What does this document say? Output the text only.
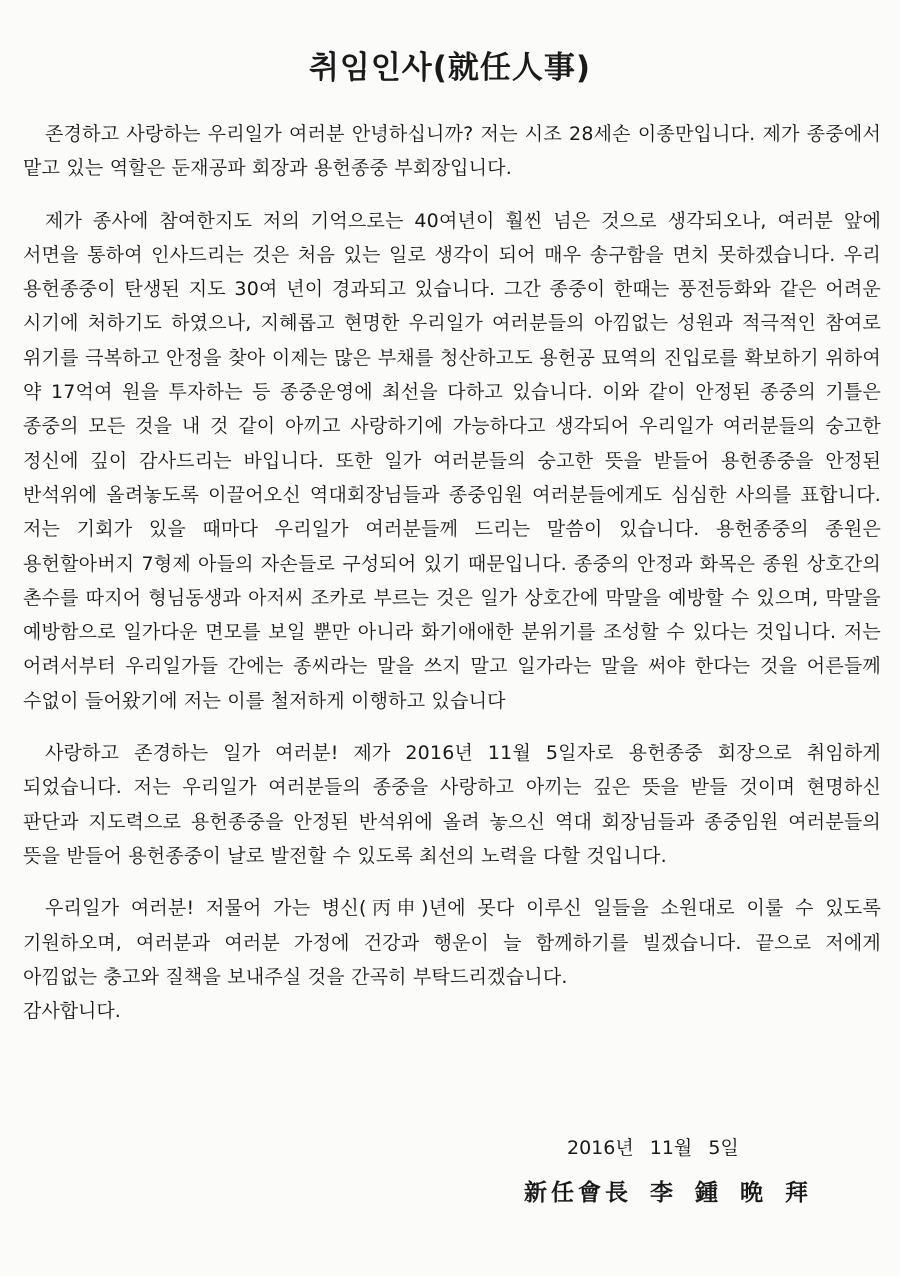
취임인사(就任人事)

존경하고 사랑하는 우리일가 여러분 안녕하십니까? 저는 시조 28세손 이종만입니다. 제가 종중에서 맡고 있는 역할은 둔재공파 회장과 용헌종중 부회장입니다.

제가 종사에 참여한지도 저의 기억으로는 40여년이 훨씬 넘은 것으로 생각되오나, 여러분 앞에 서면을 통하여 인사드리는 것은 처음 있는 일로 생각이 되어 매우 송구함을 면치 못하겠습니다. 우리 용헌종중이 탄생된 지도 30여 년이 경과되고 있습니다. 그간 종중이 한때는 풍전등화와 같은 어려운 시기에 처하기도 하였으나, 지혜롭고 현명한 우리일가 여러분들의 아낌없는 성원과 적극적인 참여로 위기를 극복하고 안정을 찾아 이제는 많은 부채를 청산하고도 용헌공 묘역의 진입로를 확보하기 위하여 약 17억여 원을 투자하는 등 종중운영에 최선을 다하고 있습니다. 이와 같이 안정된 종중의 기틀은 종중의 모든 것을 내 것 같이 아끼고 사랑하기에 가능하다고 생각되어 우리일가 여러분들의 숭고한 정신에 깊이 감사드리는 바입니다. 또한 일가 여러분들의 숭고한 뜻을 받들어 용헌종중을 안정된 반석위에 올려놓도록 이끌어오신 역대회장님들과 종중임원 여러분들에게도 심심한 사의를 표합니다. 저는 기회가 있을 때마다 우리일가 여러분들께 드리는 말씀이 있습니다. 용헌종중의 종원은 용헌할아버지 7형제 아들의 자손들로 구성되어 있기 때문입니다. 종중의 안정과 화목은 종원 상호간의 촌수를 따지어 형님동생과 아저씨 조카로 부르는 것은 일가 상호간에 막말을 예방할 수 있으며, 막말을 예방함으로 일가다운 면모를 보일 뿐만 아니라 화기애애한 분위기를 조성할 수 있다는 것입니다. 저는 어려서부터 우리일가들 간에는 종씨라는 말을 쓰지 말고 일가라는 말을 써야 한다는 것을 어른들께 수없이 들어왔기에 저는 이를 철저하게 이행하고 있습니다

사랑하고 존경하는 일가 여러분! 제가 2016년 11월 5일자로 용헌종중 회장으로 취임하게 되었습니다. 저는 우리일가 여러분들의 종중을 사랑하고 아끼는 깊은 뜻을 받들 것이며 현명하신 판단과 지도력으로 용헌종중을 안정된 반석위에 올려 놓으신 역대 회장님들과 종중임원 여러분들의 뜻을 받들어 용헌종중이 날로 발전할 수 있도록 최선의 노력을 다할 것입니다.

우리일가 여러분! 저물어 가는 병신(丙申)년에 못다 이루신 일들을 소원대로 이룰 수 있도록 기원하오며, 여러분과 여러분 가정에 건강과 행운이 늘 함께하기를 빌겠습니다. 끝으로 저에게 아낌없는 충고와 질책을 보내주실 것을 간곡히 부탁드리겠습니다.

감사합니다.

2016년 11월 5일
新任會長 李 鍾 晩 拜
